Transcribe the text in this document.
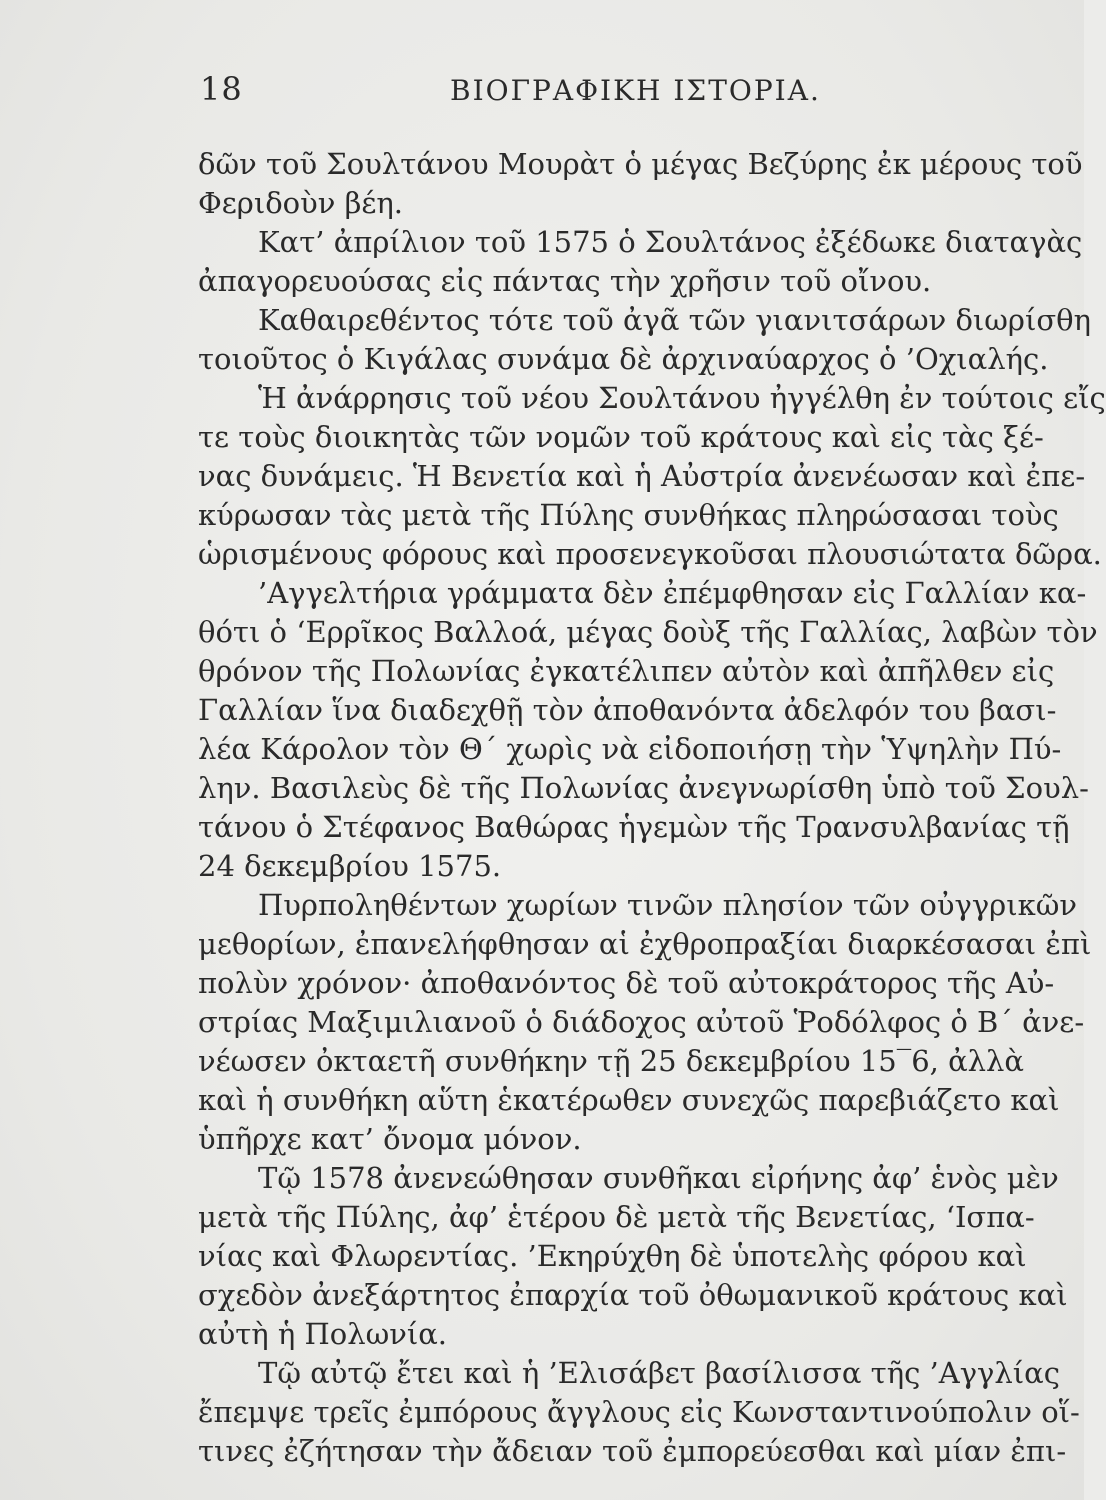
18	ΒΙΟΓΡΑΦΙΚΗ ΙΣΤΟΡΙΑ.
δῶν τοῦ Σουλτάνου Μουρὰτ ὁ μέγας Βεζύρης ἐκ μέρους τοῦ
Φεριδοὺν βέη.
Κατ’ ἀπρίλιον τοῦ 1575 ὁ Σουλτάνος ἐξέδωκε διαταγὰς
ἀπαγορευούσας εἰς πάντας τὴν χρῆσιν τοῦ οἴνου.
Καθαιρεθέντος τότε τοῦ ἀγᾶ τῶν γιανιτσάρων διωρίσθη
τοιοῦτος ὁ Κιγάλας συνάμα δὲ ἀρχιναύαρχος ὁ ’Οχιαλής.
Ἡ ἀνάρρησις τοῦ νέου Σουλτάνου ἠγγέλθη ἐν τούτοις εἴς
τε τοὺς διοικητὰς τῶν νομῶν τοῦ κράτους καὶ εἰς τὰς ξέ-
νας δυνάμεις. Ἡ Βενετία καὶ ἡ Αὐστρία ἀνενέωσαν καὶ ἐπε-
κύρωσαν τὰς μετὰ τῆς Πύλης συνθήκας πληρώσασαι τοὺς
ὡρισμένους φόρους καὶ προσενεγκοῦσαι πλουσιώτατα δῶρα.
’Αγγελτήρια γράμματα δὲν ἐπέμφθησαν εἰς Γαλλίαν κα-
θότι ὁ ‘Ερρῖκος Βαλλοά, μέγας δοὺξ τῆς Γαλλίας, λαβὼν τὸν
θρόνον τῆς Πολωνίας ἐγκατέλιπεν αὐτὸν καὶ ἀπῆλθεν εἰς
Γαλλίαν ἵνα διαδεχθῇ τὸν ἀποθανόντα ἀδελφόν του βασι-
λέα Κάρολον τὸν Θ΄ χωρὶς νὰ εἰδοποιήσῃ τὴν Ὑψηλὴν Πύ-
λην. Βασιλεὺς δὲ τῆς Πολωνίας ἀνεγνωρίσθη ὑπὸ τοῦ Σουλ-
τάνου ὁ Στέφανος Βαθώρας ἡγεμὼν τῆς Τρανσυλβανίας τῇ
24 δεκεμβρίου 1575.
Πυρποληθέντων χωρίων τινῶν πλησίον τῶν οὐγγρικῶν
μεθορίων, ἐπανελήφθησαν αἱ ἐχθροπραξίαι διαρκέσασαι ἐπὶ
πολὺν χρόνον· ἀποθανόντος δὲ τοῦ αὐτοκράτορος τῆς Αὐ-
στρίας Μαξιμιλιανοῦ ὁ διάδοχος αὐτοῦ Ῥοδόλφος ὁ Β΄ ἀνε-
νέωσεν ὀκταετῆ συνθήκην τῇ 25 δεκεμβρίου 15‾6, ἀλλὰ
καὶ ἡ συνθήκη αὕτη ἑκατέρωθεν συνεχῶς παρεβιάζετο καὶ
ὑπῆρχε κατ’ ὄνομα μόνον.
Τῷ 1578 ἀνενεώθησαν συνθῆκαι εἰρήνης ἀφ’ ἑνὸς μὲν
μετὰ τῆς Πύλης, ἀφ’ ἑτέρου δὲ μετὰ τῆς Βενετίας, ‘Ισπα-
νίας καὶ Φλωρεντίας. ’Εκηρύχθη δὲ ὑποτελὴς φόρου καὶ
σχεδὸν ἀνεξάρτητος ἐπαρχία τοῦ ὀθωμανικοῦ κράτους καὶ
αὐτὴ ἡ Πολωνία.
Τῷ αὐτῷ ἔτει καὶ ἡ ’Ελισάβετ βασίλισσα τῆς ’Αγγλίας
ἔπεμψε τρεῖς ἐμπόρους ἄγγλους εἰς Κωνσταντινούπολιν οἵ-
τινες ἐζήτησαν τὴν ἄδειαν τοῦ ἐμπορεύεσθαι καὶ μίαν ἐπι-
